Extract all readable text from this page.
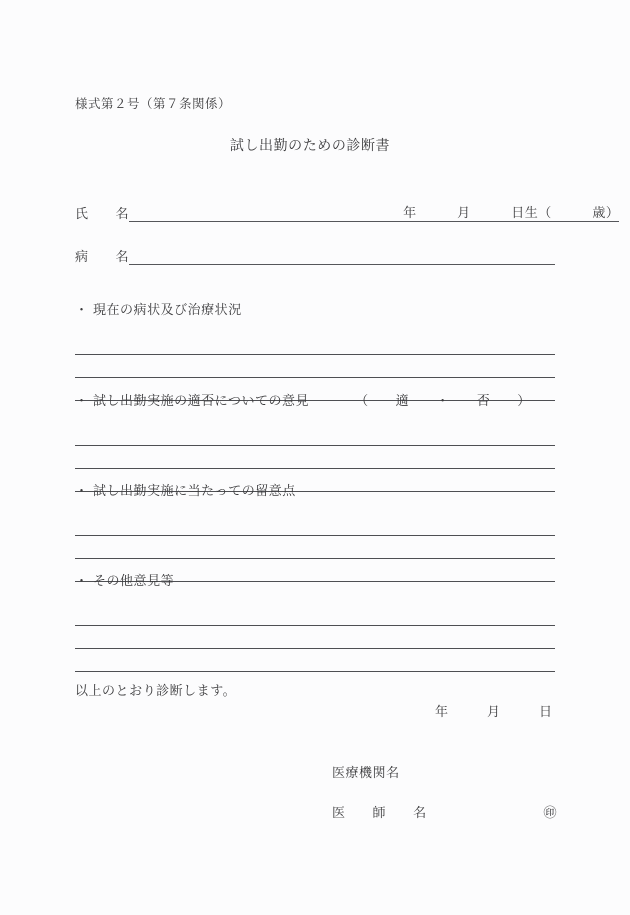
様式第２号（第７条関係）
試し出勤のための診断書
氏　　名	年　　　月　　　日生（　　　歳）
病　　名
・ 現在の病状及び治療状況
・ 試し出勤実施の適否についての意見	（　　適　　・　　否　　）
・ 試し出勤実施に当たっての留意点
・ その他意見等
以上のとおり診断します。
年	月	日
医療機関名
医　　師　　名	㊞
